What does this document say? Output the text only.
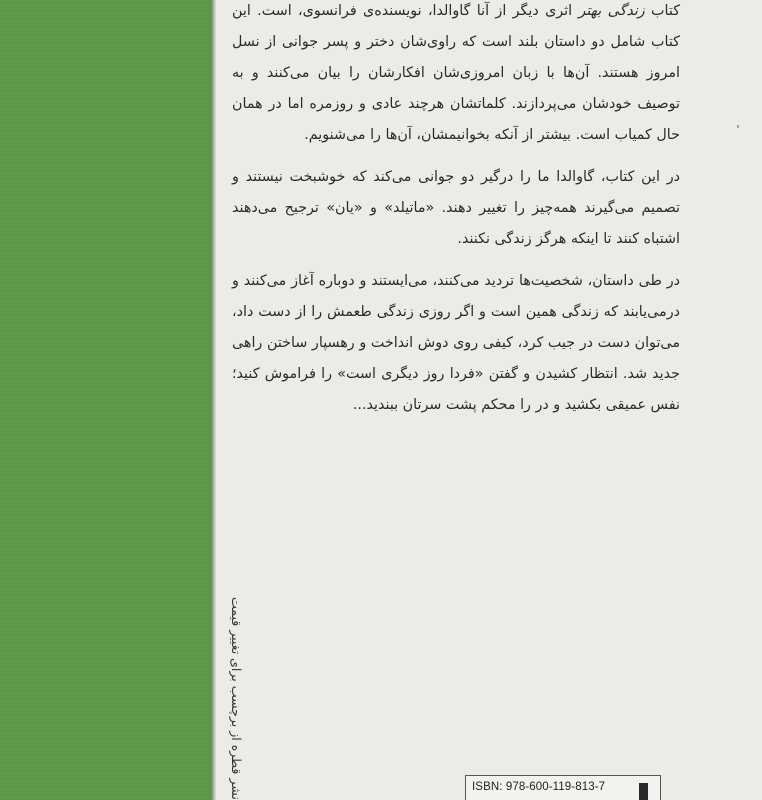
کتاب زندگی بهتر اثری دیگر از آنا گاوالدا، نویسنده‌ی فرانسوی، است. این کتاب شامل دو داستان بلند است که راوی‌شان دختر و پسر جوانی از نسل امروز هستند. آن‌ها با زبان امروزی‌شان افکارشان را بیان می‌کنند و به توصیف خودشان می‌پردازند. کلماتشان هرچند عادی و روزمره اما در همان حال کمیاب است. بیشتر از آنکه بخوانیمشان، آن‌ها را می‌شنویم.

در این کتاب، گاوالدا ما را درگیر دو جوانی می‌کند که خوشبخت نیستند و تصمیم می‌گیرند همه‌چیز را تغییر دهند. «ماتیلد» و «یان» ترجیح می‌دهند اشتباه کنند تا اینکه هرگز زندگی نکنند.

در طی داستان، شخصیت‌ها تردید می‌کنند، می‌ایستند و دوباره آغاز می‌کنند و درمی‌یابند که زندگی همین است و اگر روزی زندگی طعمش را از دست داد، می‌توان دست در جیب کرد، کیفی روی دوش انداخت و رهسپار ساختن راهی جدید شد. انتظار کشیدن و گفتن «فردا روز دیگری است» را فراموش کنید؛ نفس عمیقی بکشید و در را محکم پشت سرتان ببندید...

نشر قطره از برچسب برای تغییر قیمت	ISBN: 978-600-119-813-7
